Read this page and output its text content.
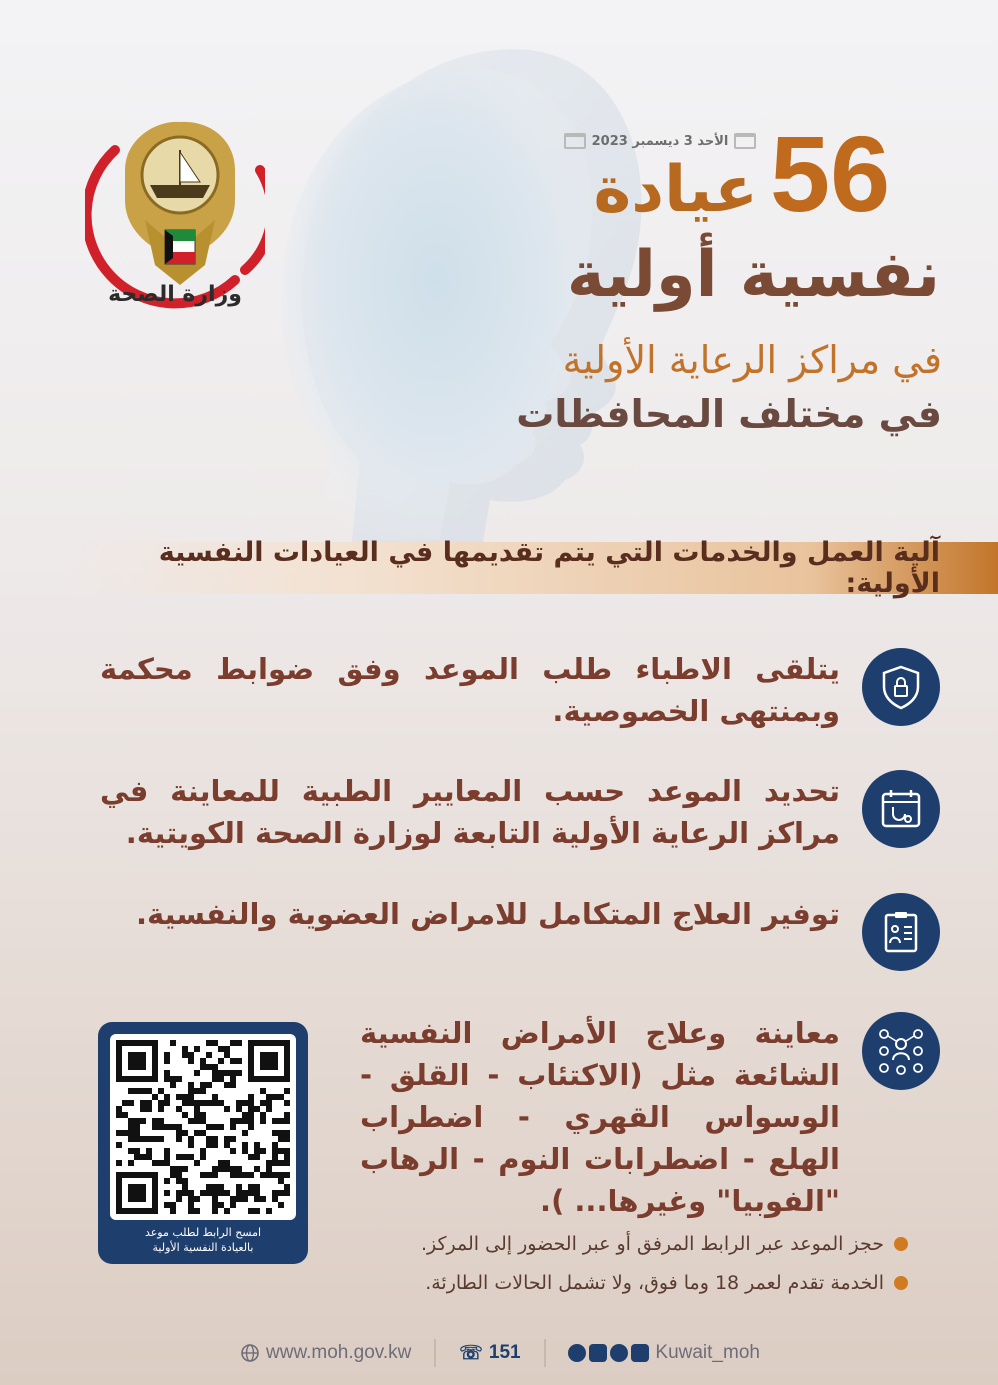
وزارة الصحة
الأحد 3 ديسمبر 2023 56
عيادة
نفسية أولية
في مراكز الرعاية الأولية
في مختلف المحافظات
آلية العمل والخدمات التي يتم تقديمها في العيادات النفسية الأولية:
يتلقى الاطباء طلب الموعد وفق ضوابط محكمة وبمنتهى الخصوصية.
تحديد الموعد حسب المعايير الطبية للمعاينة في مراكز الرعاية الأولية التابعة لوزارة الصحة الكويتية.
توفير العلاج المتكامل للامراض العضوية والنفسية.
معاينة وعلاج الأمراض النفسية الشائعة مثل (الاكتئاب - القلق - الوسواس القهري - اضطراب الهلع - اضطرابات النوم - الرهاب "الفوبيا" وغيرها... ).
امسح الرابط لطلب موعد
بالعيادة النفسية الأولية	حجز الموعد عبر الرابط المرفق أو عبر الحضور إلى المركز.
الخدمة تقدم لعمر 18 وما فوق، ولا تشمل الحالات الطارئة.
www.moh.gov.kw	☏ 151	Kuwait_moh
